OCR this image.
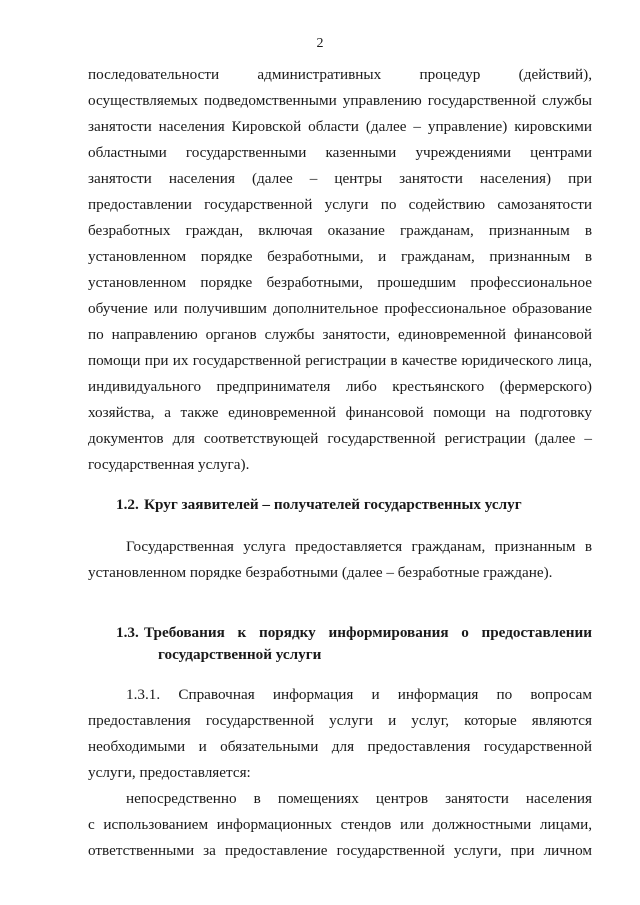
2
последовательности административных процедур (действий),
осуществляемых подведомственными управлению государственной службы
занятости населения Кировской области (далее – управление) кировскими
областными государственными казенными учреждениями центрами
занятости населения (далее – центры занятости населения) при
предоставлении государственной услуги по содействию самозанятости
безработных граждан, включая оказание гражданам, признанным в
установленном порядке безработными, и гражданам, признанным в
установленном порядке безработными, прошедшим профессиональное
обучение или получившим дополнительное профессиональное образование
по направлению органов службы занятости, единовременной финансовой
помощи при их государственной регистрации в качестве юридического лица,
индивидуального предпринимателя либо крестьянского (фермерского)
хозяйства, а также единовременной финансовой помощи на подготовку
документов для соответствующей государственной регистрации (далее –
государственная услуга).
1.2. Круг заявителей – получателей государственных услуг
Государственная услуга предоставляется гражданам, признанным в
установленном порядке безработными (далее – безработные граждане).
1.3. Требования к порядку информирования о предоставлении
государственной услуги
1.3.1. Справочная информация и информация по вопросам
предоставления государственной услуги и услуг, которые являются
необходимыми и обязательными для предоставления государственной
услуги, предоставляется:
непосредственно в помещениях центров занятости населения
с использованием информационных стендов или должностными лицами,
ответственными за предоставление государственной услуги, при личном
